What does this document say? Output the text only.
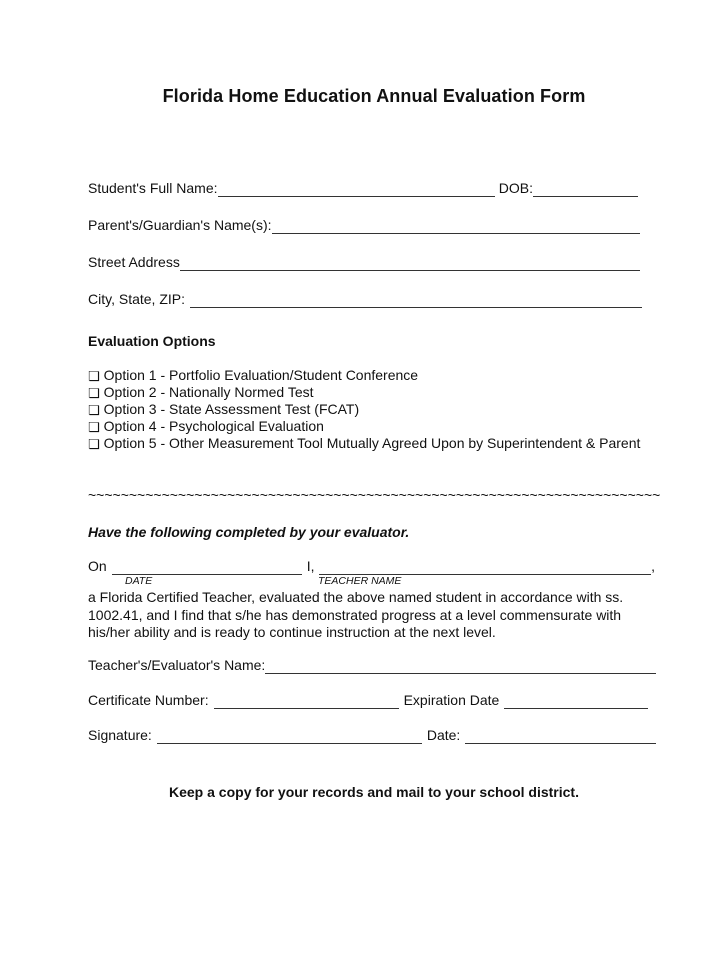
Florida Home Education Annual Evaluation Form
Student's Full Name:	DOB:
Parent's/Guardian's Name(s):
Street Address
City, State, ZIP:
Evaluation Options
❏ Option 1 - Portfolio Evaluation/Student Conference
❏ Option 2 - Nationally Normed Test
❏ Option 3 - State Assessment Test (FCAT)
❏ Option 4 - Psychological Evaluation
❏ Option 5 - Other Measurement Tool Mutually Agreed Upon by Superintendent & Parent
~~~~~~~~~~~~~~~~~~~~~~~~~~~~~~~~~~~~~~~~~~~~~~~~~~~~~~~~~~~~~~~~~~~~~~
Have the following completed by your evaluator.
On	I,	,
DATE	TEACHER NAME
a Florida Certified Teacher, evaluated the above named student in accordance with ss.
1002.41, and I find that s/he has demonstrated progress at a level commensurate with
his/her ability and is ready to continue instruction at the next level.
Teacher's/Evaluator's Name:
Certificate Number:	Expiration Date
Signature:	Date:
Keep a copy for your records and mail to your school district.
